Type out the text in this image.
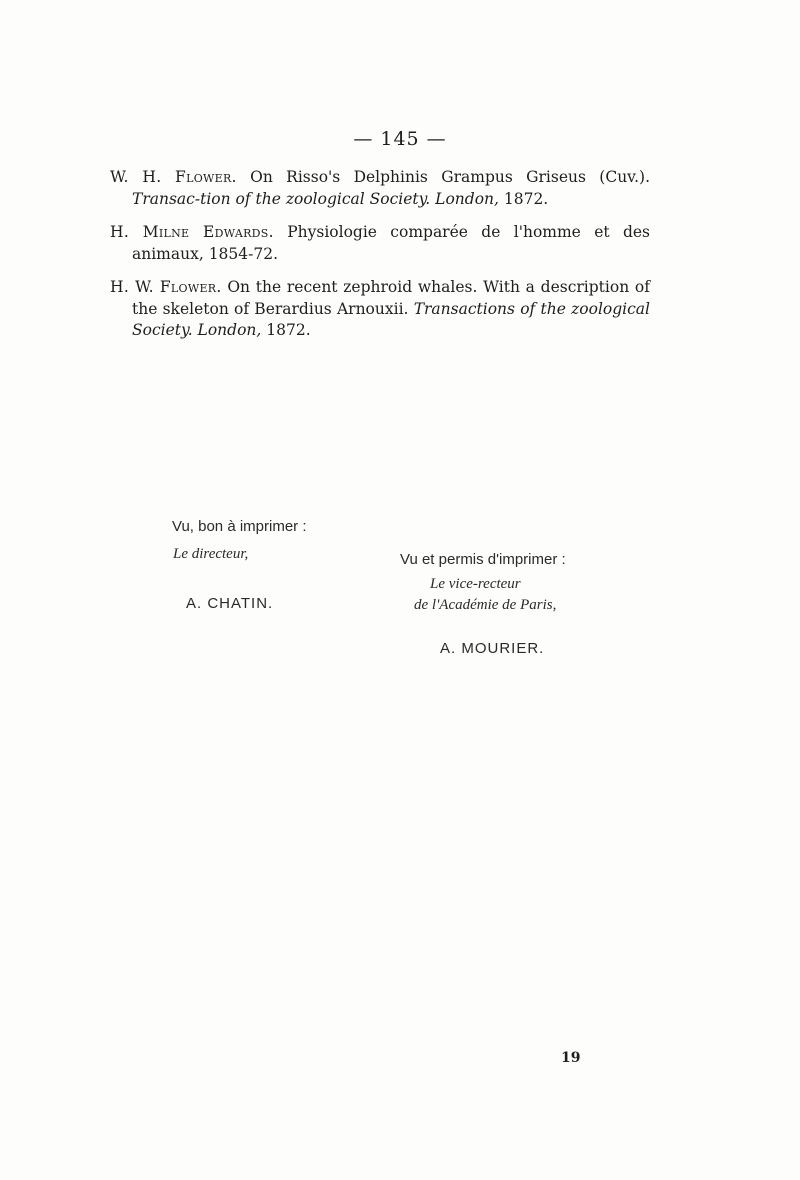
— 145 —

W. H. Flower. On Risso's Delphinis Grampus Griseus (Cuv.). Transac-tion of the zoological Society. London, 1872.

H. Milne Edwards. Physiologie comparée de l'homme et des animaux, 1854-72.

H. W. Flower. On the recent zephroid whales. With a description of the skeleton of Berardius Arnouxii. Transactions of the zoological Society. London, 1872.

Vu, bon à imprimer :
Le directeur,
A. CHATIN.
Vu et permis d'imprimer :
Le vice-recteur
de l'Académie de Paris,
A. MOURIER.
19
